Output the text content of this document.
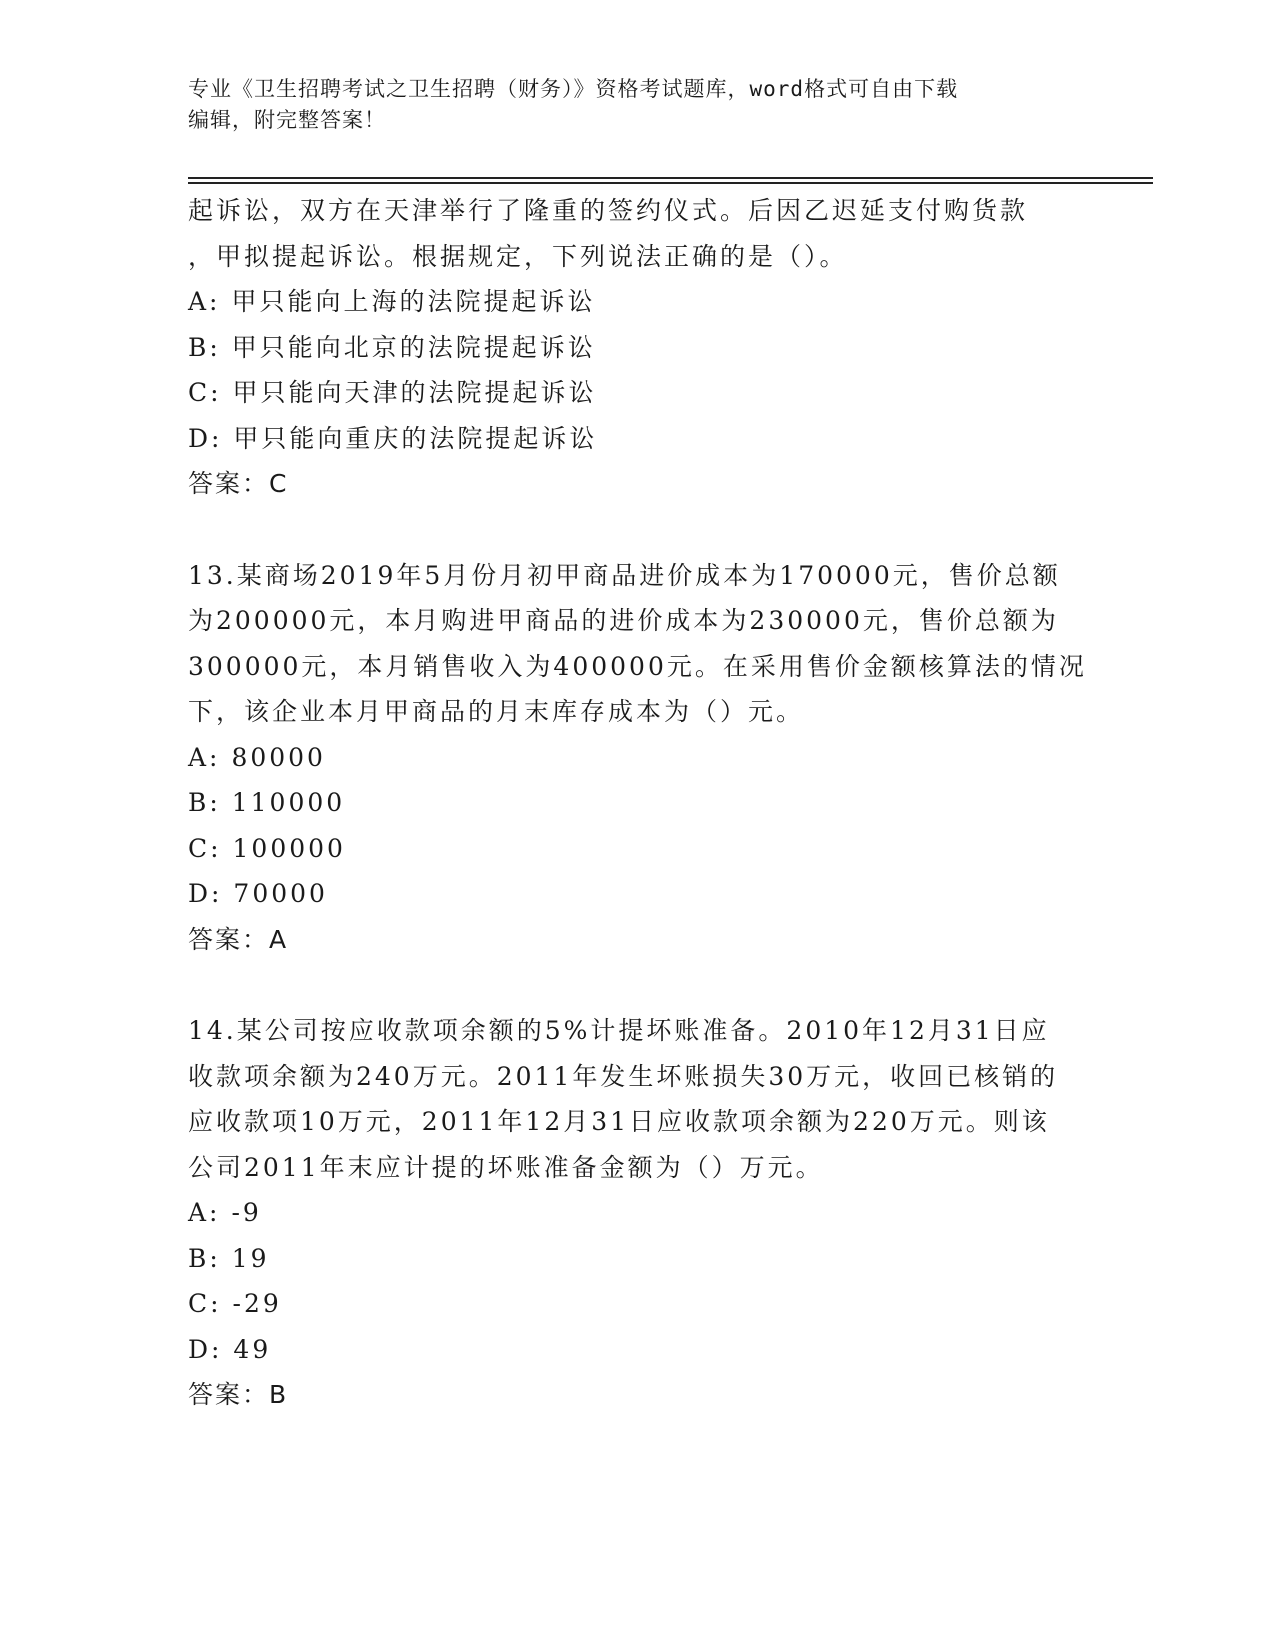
专业《卫生招聘考试之卫生招聘（财务）》资格考试题库，word格式可自由下载
编辑，附完整答案！

起诉讼，双方在天津举行了隆重的签约仪式。后因乙迟延支付购货款

，甲拟提起诉讼。根据规定，下列说法正确的是（）。

A: 甲只能向上海的法院提起诉讼

B: 甲只能向北京的法院提起诉讼

C: 甲只能向天津的法院提起诉讼

D: 甲只能向重庆的法院提起诉讼

答案：C

13.某商场2019年5月份月初甲商品进价成本为170000元，售价总额

为200000元，本月购进甲商品的进价成本为230000元，售价总额为

300000元，本月销售收入为400000元。在采用售价金额核算法的情况

下，该企业本月甲商品的月末库存成本为（）元。

A: 80000

B: 110000

C: 100000

D: 70000

答案：A

14.某公司按应收款项余额的5%计提坏账准备。2010年12月31日应

收款项余额为240万元。2011年发生坏账损失30万元，收回已核销的

应收款项10万元，2011年12月31日应收款项余额为220万元。则该

公司2011年末应计提的坏账准备金额为（）万元。

A: -9

B: 19

C: -29

D: 49

答案：B
